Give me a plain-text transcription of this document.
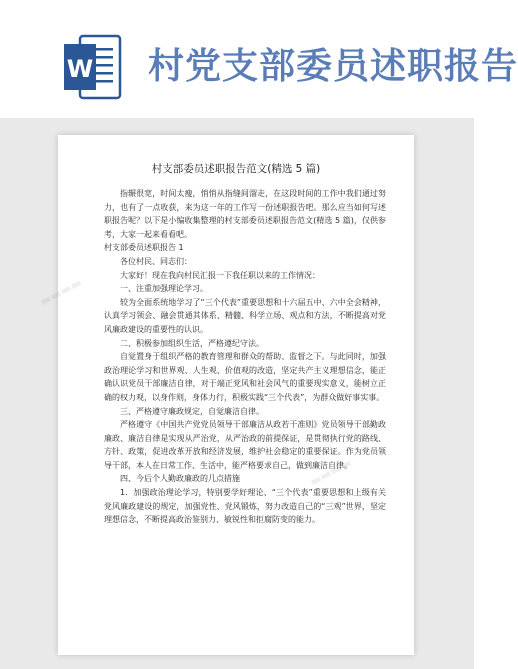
W 村党支部委员述职报告
▬▬▬▬
▬▬▬▬
村支部委员述职报告范文(精选 5 篇)

指辗很宽，时间太瘦，悄悄从指缝间溜走，在这段时间的工作中我们通过努力，也有了一点收获，来为这一年的工作写一份述职报告吧。那么应当如何写述职报告呢？以下是小编收集整理的村支部委员述职报告范文(精选 5 篇)，仅供参考，大家一起来看看吧。

村支部委员述职报告 1

各位村民、同志们：

大家好！现在我向村民汇报一下我任职以来的工作情况：

一、注重加强理论学习。

较为全面系统地学习了“三个代表”重要思想和十六届五中、六中全会精神，认真学习领会、融会贯通其体系、精髓、科学立场、观点和方法，不断提高对党风廉政建设的重要性的认识。

二、积极参加组织生活，严格遵纪守法。

自觉置身于组织严格的教育管理和群众的帮助、监督之下。与此同时，加强政治理论学习和世界观、人生观、价值观的改造，坚定共产主义理想信念，能正确认识党员干部廉洁自律，对于端正党风和社会风气的重要现实意义，能树立正确的权力观，以身作则，身体力行，积极实践“三个代表”，为群众做好事实事。

三、严格遵守廉政规定，自觉廉洁自律。

严格遵守《中国共产党党员领导干部廉洁从政若干准则》党员领导干部勤政廉政、廉洁自律是实现从严治党，从严治政的前提保证，是贯彻执行党的路线、方针、政策，促进改革开放和经济发展，维护社会稳定的重要保证。作为党员领导干部，本人在日常工作、生活中，能严格要求自己，做到廉洁自律。

四、今后个人勤政廉政的几点措施

1．加强政治理论学习，特别要学好理论、“三个代表”重要思想和上级有关党风廉政建设的规定，加强党性、党风锻炼，努力改造自己的“三观”世界，坚定理想信念，不断提高政治鉴别力、敏锐性和拒腐防变的能力。
